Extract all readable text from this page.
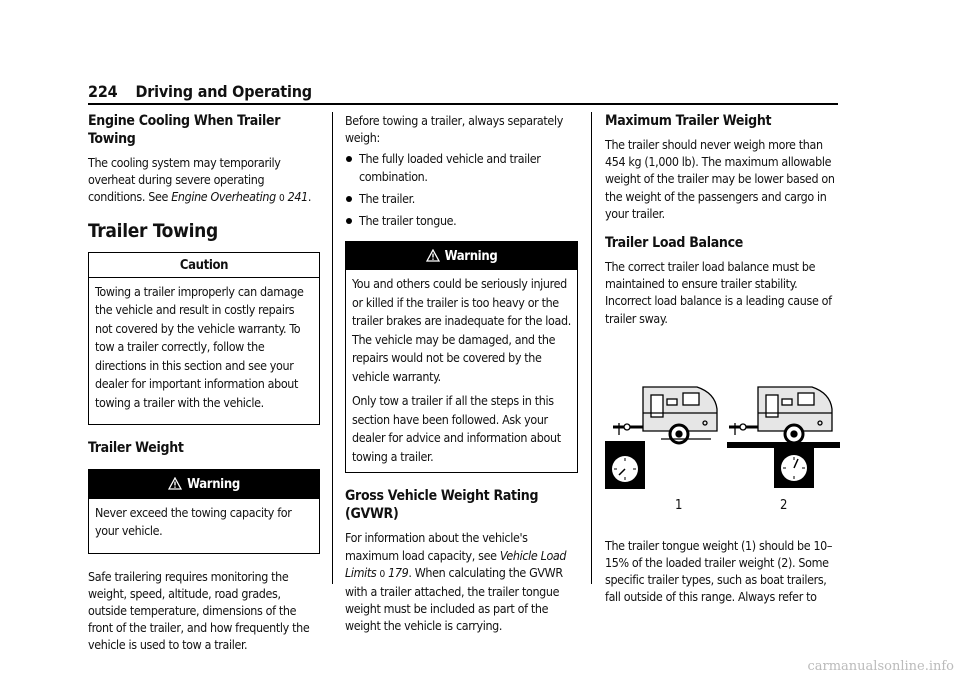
224 Driving and Operating
Engine Cooling When Trailer Towing

The cooling system may temporarily overheat during severe operating conditions. See Engine Overheating 0 241.

Trailer Towing
Caution

Towing a trailer improperly can damage the vehicle and result in costly repairs not covered by the vehicle warranty. To tow a trailer correctly, follow the directions in this section and see your dealer for important information about towing a trailer with the vehicle.

Trailer Weight
Warning

Never exceed the towing capacity for your vehicle.

Safe trailering requires monitoring the weight, speed, altitude, road grades, outside temperature, dimensions of the front of the trailer, and how frequently the vehicle is used to tow a trailer.

Before towing a trailer, always separately weigh:

The fully loaded vehicle and trailer combination.
The trailer.
The trailer tongue.
Warning

You and others could be seriously injured or killed if the trailer is too heavy or the trailer brakes are inadequate for the load. The vehicle may be damaged, and the repairs would not be covered by the vehicle warranty.

Only tow a trailer if all the steps in this section have been followed. Ask your dealer for advice and information about towing a trailer.

Gross Vehicle Weight Rating (GVWR)

For information about the vehicle's maximum load capacity, see Vehicle Load Limits 0 179. When calculating the GVWR with a trailer attached, the trailer tongue weight must be included as part of the weight the vehicle is carrying.

Maximum Trailer Weight

The trailer should never weigh more than 454 kg (1,000 lb). The maximum allowable weight of the trailer may be lower based on the weight of the passengers and cargo in your trailer.

Trailer Load Balance

The correct trailer load balance must be maintained to ensure trailer stability. Incorrect load balance is a leading cause of trailer sway.

1	2

The trailer tongue weight (1) should be 10–15% of the loaded trailer weight (2). Some specific trailer types, such as boat trailers, fall outside of this range. Always refer to

carmanualsonline.info
